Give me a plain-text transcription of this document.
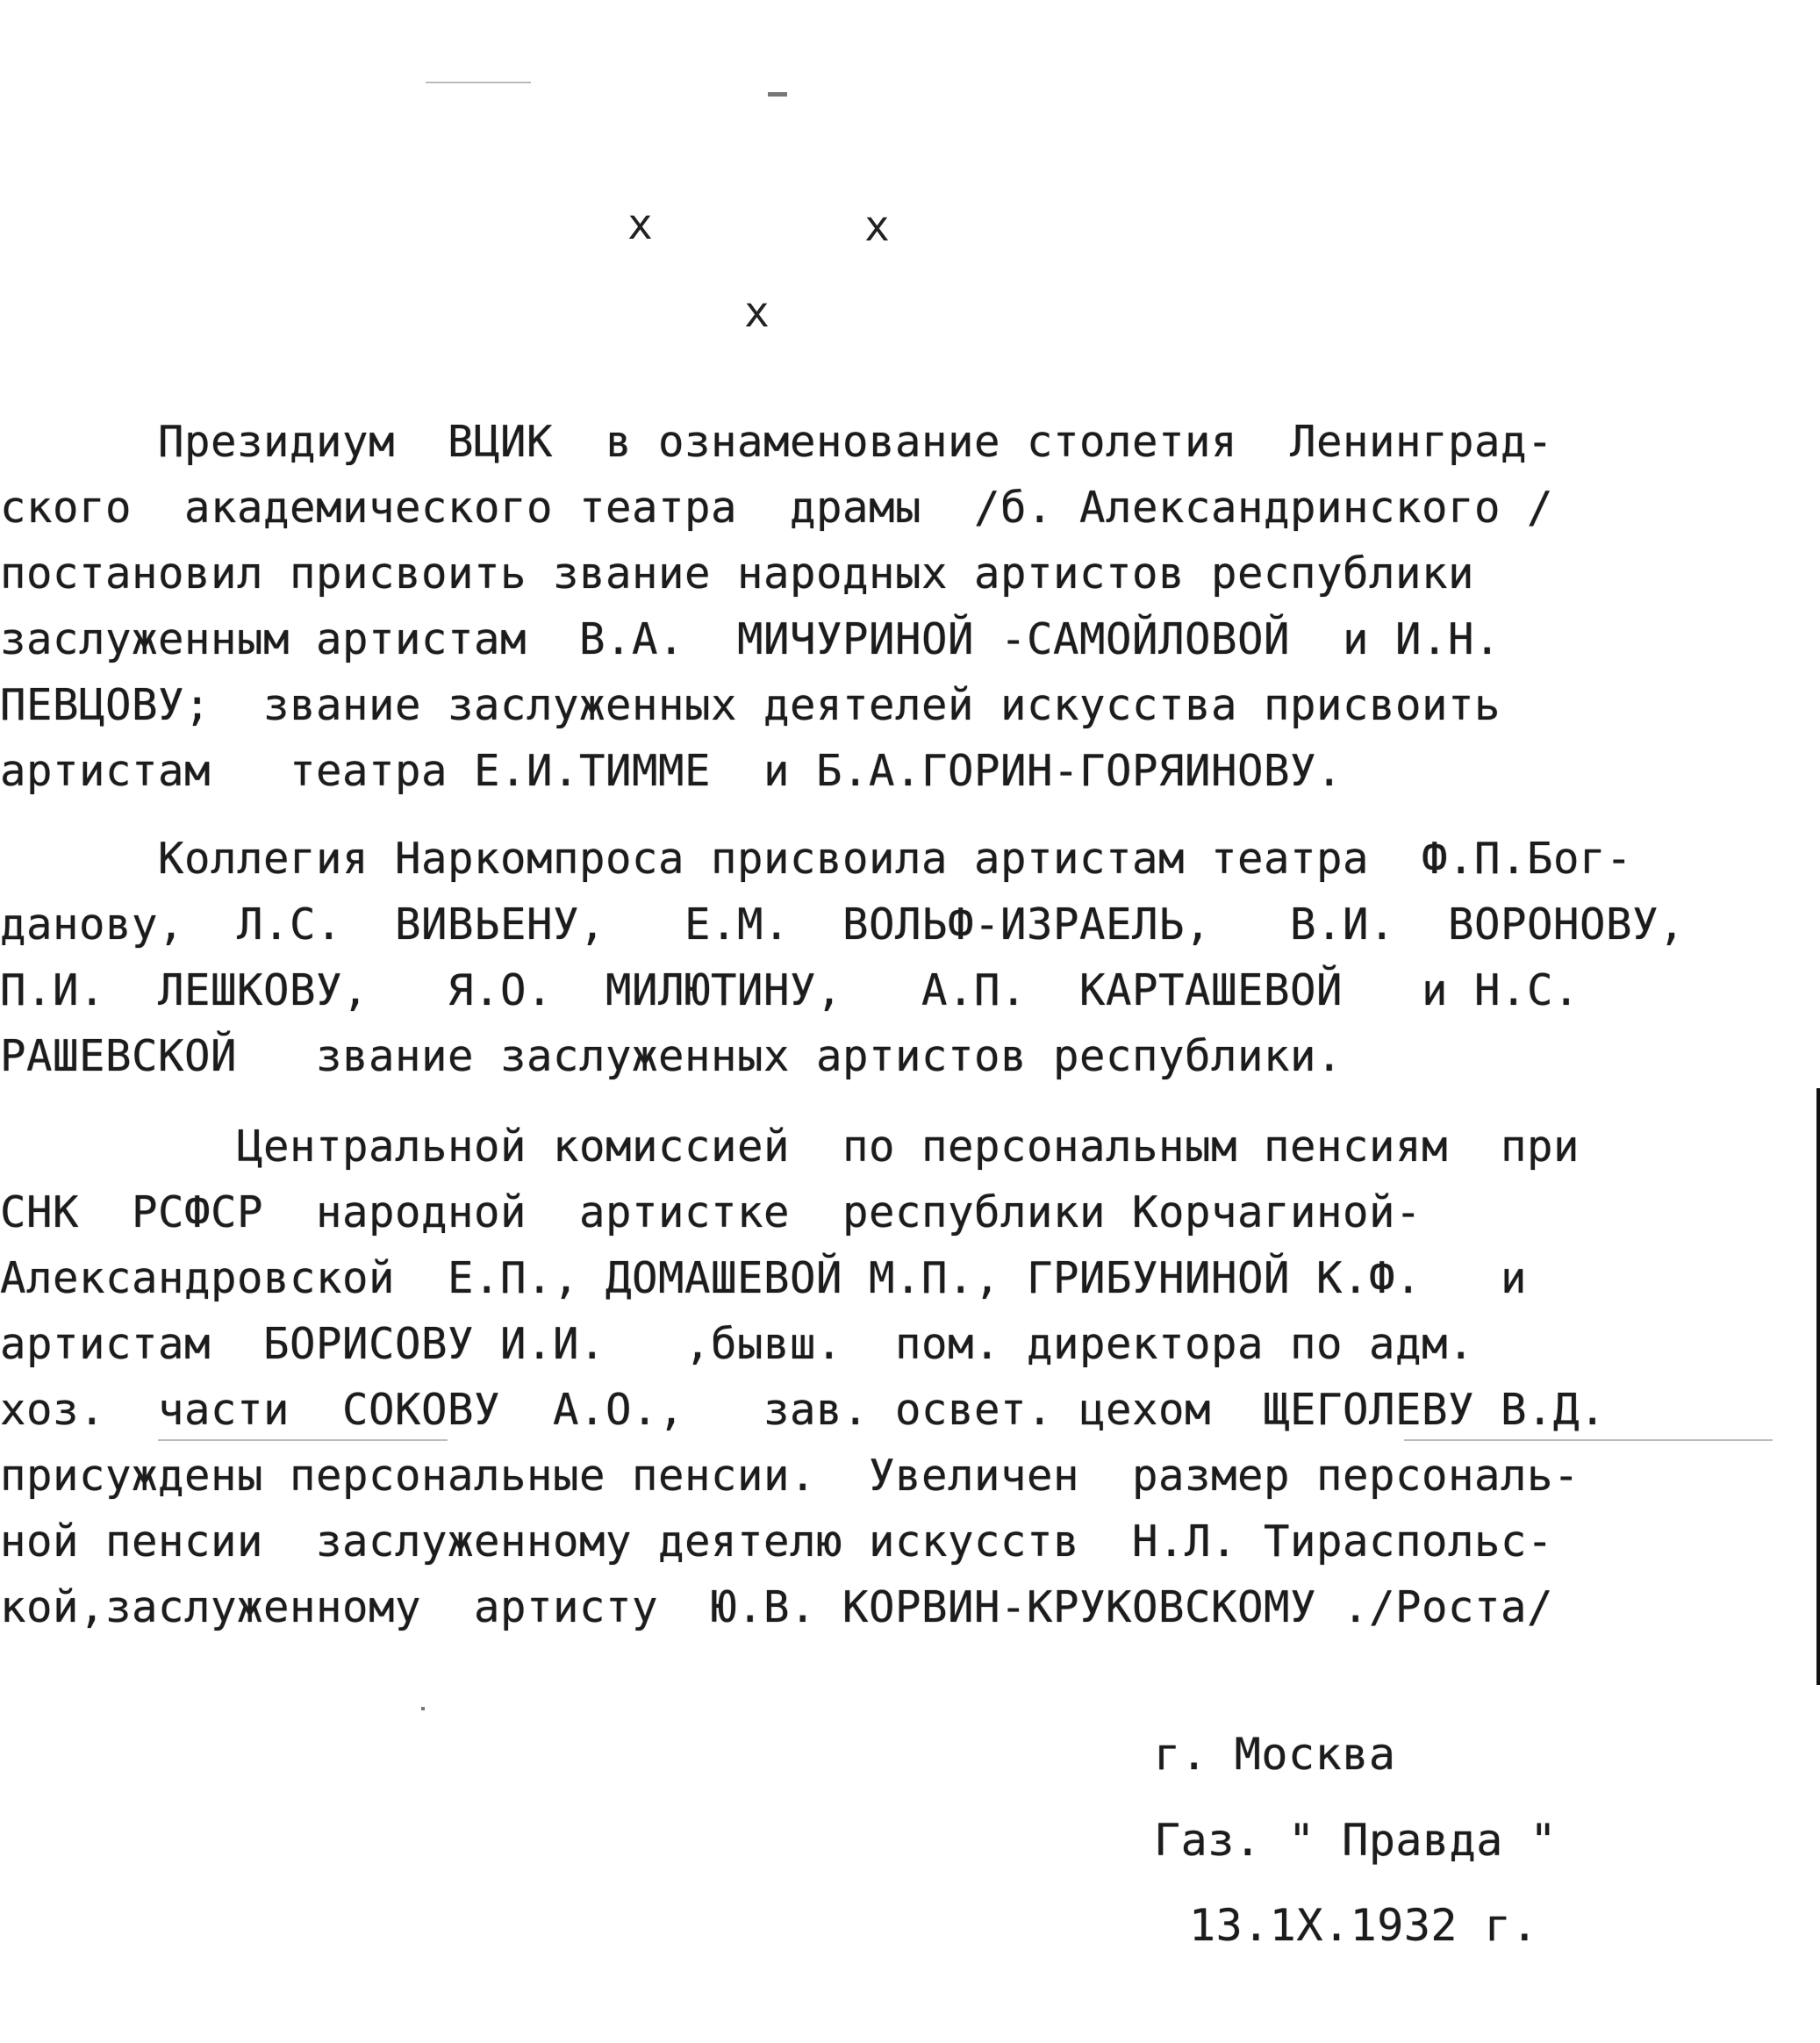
x	x
x
Президиум  ВЦИК  в ознаменование столетия  Ленинград-
ского  академического театра  драмы  /б. Александринского /
постановил присвоить звание народных артистов республики
заслуженным артистам  В.А.  МИЧУРИНОЙ -САМОЙЛОВОЙ  и И.Н.
ПЕВЦОВУ;  звание заслуженных деятелей искусства присвоить
артистам   театра Е.И.ТИММЕ  и Б.А.ГОРИН-ГОРЯИНОВУ.
Коллегия Наркомпроса присвоила артистам театра  Ф.П.Бог-
данову,  Л.С.  ВИВЬЕНУ,   Е.М.  ВОЛЬФ-ИЗРАЕЛЬ,   В.И.  ВОРОНОВУ,
П.И.  ЛЕШКОВУ,   Я.О.  МИЛЮТИНУ,   А.П.  КАРТАШЕВОЙ   и Н.С.
РАШЕВСКОЙ   звание заслуженных артистов республики.
Центральной комиссией  по персональным пенсиям  при
СНК  РСФСР  народной  артистке  республики Корчагиной-
Александровской  Е.П., ДОМАШЕВОЙ М.П., ГРИБУНИНОЙ К.Ф.   и
артистам  БОРИСОВУ И.И.   ,бывш.  пом. директора по адм.
хоз.  части  СОКОВУ  А.О.,   зав. освет. цехом  ЩЕГОЛЕВУ В.Д.
присуждены персональные пенсии.  Увеличен  размер персональ-
ной пенсии  заслуженному деятелю искусств  Н.Л. Тираспольс-
кой,заслуженному  артисту  Ю.В. КОРВИН-КРУКОВСКОМУ ./Роста/
г. Москва
Газ. " Правда "
13.1Х.1932 г.
